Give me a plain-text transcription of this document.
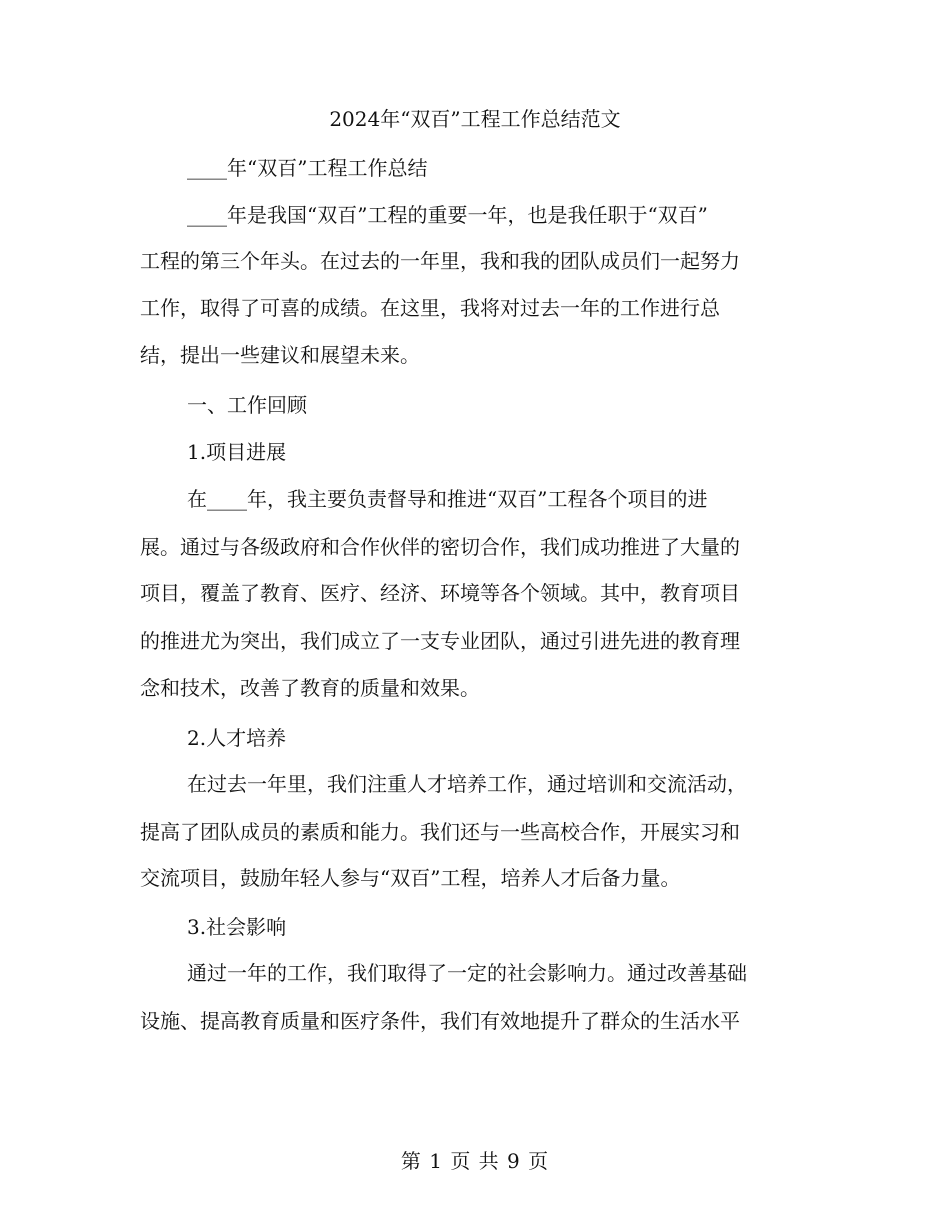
2024年“双百”工程工作总结范文
____年“双百”工程工作总结
____年是我国“双百”工程的重要一年，也是我任职于“双百”
工程的第三个年头。在过去的一年里，我和我的团队成员们一起努力
工作，取得了可喜的成绩。在这里，我将对过去一年的工作进行总
结，提出一些建议和展望未来。
一、工作回顾
1.项目进展
在____年，我主要负责督导和推进“双百”工程各个项目的进
展。通过与各级政府和合作伙伴的密切合作，我们成功推进了大量的
项目，覆盖了教育、医疗、经济、环境等各个领域。其中，教育项目
的推进尤为突出，我们成立了一支专业团队，通过引进先进的教育理
念和技术，改善了教育的质量和效果。
2.人才培养
在过去一年里，我们注重人才培养工作，通过培训和交流活动，
提高了团队成员的素质和能力。我们还与一些高校合作，开展实习和
交流项目，鼓励年轻人参与“双百”工程，培养人才后备力量。
3.社会影响
通过一年的工作，我们取得了一定的社会影响力。通过改善基础
设施、提高教育质量和医疗条件，我们有效地提升了群众的生活水平
第 1 页 共 9 页
